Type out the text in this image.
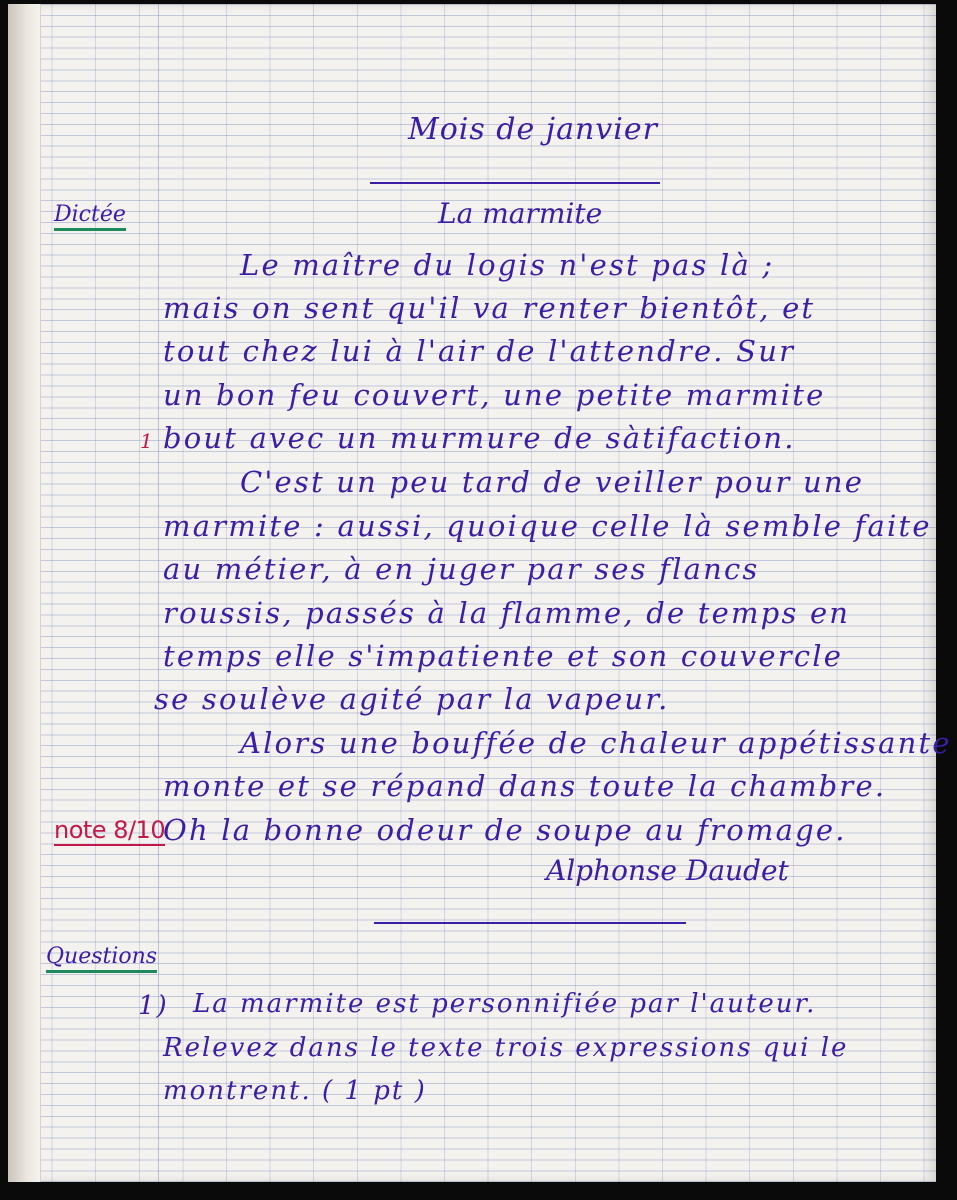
Mois de janvier
Dictée	La marmite
Le maître du logis n'est pas là ;
mais on sent qu'il va renter bientôt, et
tout chez lui à l'air de l'attendre. Sur
un bon feu couvert, une petite marmite
bout avec un murmure de sàtifaction.
1
C'est un peu tard de veiller pour une
marmite : aussi, quoique celle là semble faite
au métier, à en juger par ses flancs
roussis, passés à la flamme, de temps en
temps elle s'impatiente et son couvercle
se soulève agité par la vapeur.
Alors une bouffée de chaleur appétissante
monte et se répand dans toute la chambre.
Oh la bonne odeur de soupe au fromage.
note 8/10
Alphonse Daudet
Questions
1) La marmite est personnifiée par l'auteur.
Relevez dans le texte trois expressions qui le
montrent. ( 1 pt )
